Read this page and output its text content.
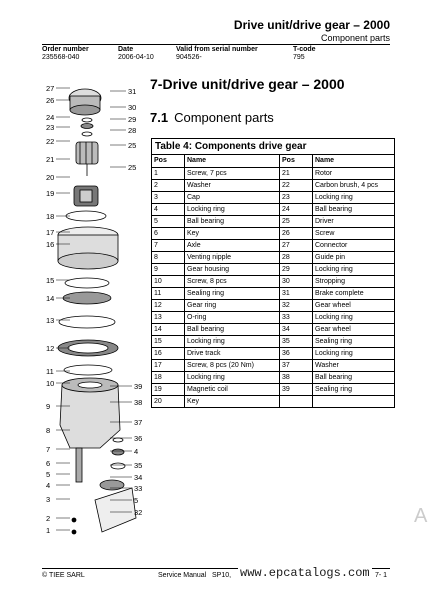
Drive unit/drive gear – 2000
Component parts
Order number
235568-040
Date
2006-04-10
Valid from serial number
904526-
T-code
795
7-Drive unit/drive gear – 2000
7.1 Component parts
Table 4: Components drive gear
Pos	Name	Pos	Name
1	Screw, 7 pcs	21	Rotor
2	Washer	22	Carbon brush, 4 pcs
3	Cap	23	Locking ring
4	Locking ring	24	Ball bearing
5	Ball bearing	25	Driver
6	Key	26	Screw
7	Axle	27	Connector
8	Venting nipple	28	Guide pin
9	Gear housing	29	Locking ring
10	Screw, 8 pcs	30	Stropping
11	Sealing ring	31	Brake complete
12	Gear ring	32	Gear wheel
13	O-ring	33	Locking ring
14	Ball bearing	34	Gear wheel
15	Locking ring	35	Sealing ring
16	Drive track	36	Locking ring
17	Screw, 8 pcs (20 Nm)	37	Washer
18	Locking ring	38	Ball bearing
19	Magnetic coil	39	Sealing ring
20	Key		
27	31
26
30
24	29
23	28
22	25
21
25
20
19
18
17
16
15
14
13
12
11
10	39
9	38
37
8
36
7	4
6	35
5	34
4	33
3	5
32
2
1
© TIEE SARL	Service Manual SP10, www.epcatalogs.com 7- 1
A
